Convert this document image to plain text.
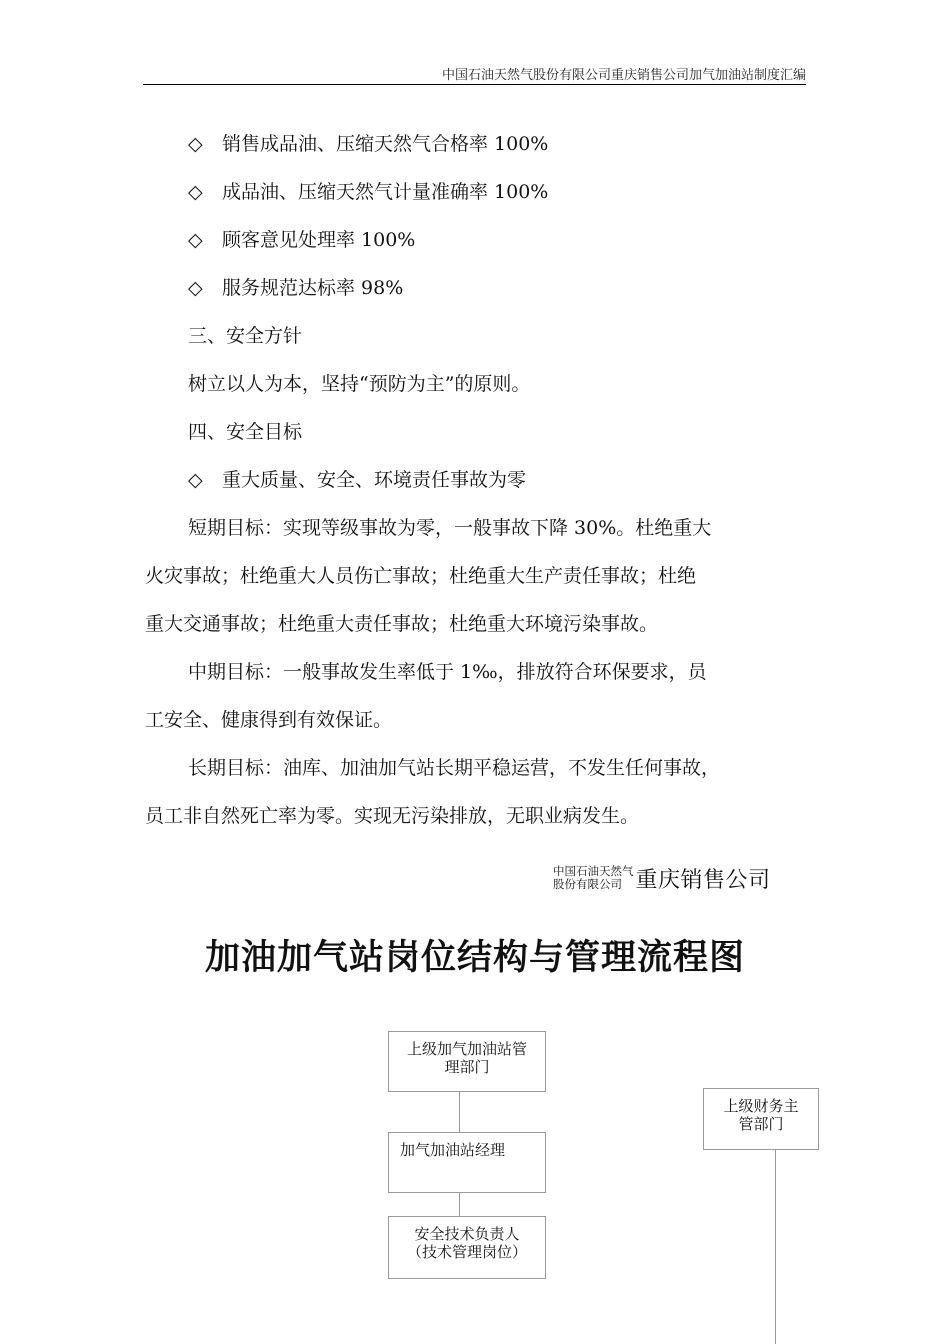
中国石油天然气股份有限公司重庆销售公司加气加油站制度汇编
◇ 销售成品油、压缩天然气合格率 100%
◇ 成品油、压缩天然气计量准确率 100%
◇ 顾客意见处理率 100%
◇ 服务规范达标率 98%
三、安全方针
树立以人为本，坚持“预防为主”的原则。
四、安全目标
◇ 重大质量、安全、环境责任事故为零
短期目标：实现等级事故为零，一般事故下降 30%。杜绝重大
火灾事故；杜绝重大人员伤亡事故；杜绝重大生产责任事故；杜绝
重大交通事故；杜绝重大责任事故；杜绝重大环境污染事故。
中期目标：一般事故发生率低于 1‰，排放符合环保要求，员
工安全、健康得到有效保证。
长期目标：油库、加油加气站长期平稳运营，不发生任何事故，
员工非自然死亡率为零。实现无污染排放，无职业病发生。
中国石油天然气
股份有限公司 重庆销售公司
加油加气站岗位结构与管理流程图
上级加气加油站管
理部门
加气加油站经理
安全技术负责人
（技术管理岗位）
上级财务主
管部门
